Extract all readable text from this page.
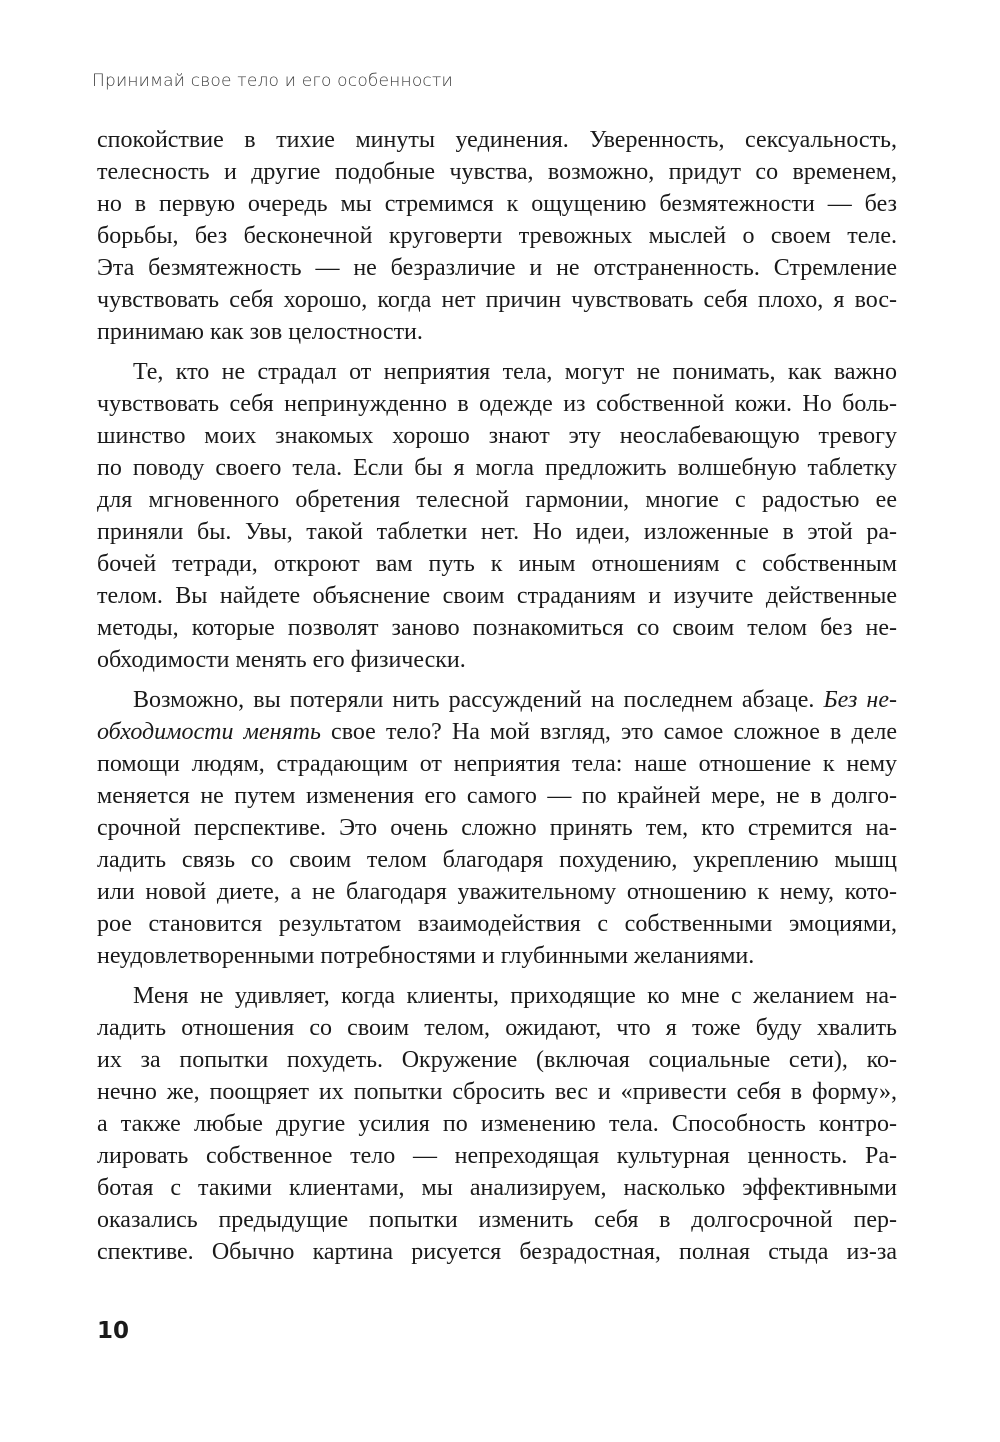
Принимай свое тело и его особенности
спокойствие в тихие минуты уединения. Уверенность, сексуальность,
телесность и другие подобные чувства, возможно, придут со временем,
но в первую очередь мы стремимся к ощущению безмятежности — без
борьбы, без бесконечной круговерти тревожных мыслей о своем теле.
Эта безмятежность — не безразличие и не отстраненность. Стремление
чувствовать себя хорошо, когда нет причин чувствовать себя плохо, я вос-
принимаю как зов целостности.
Те, кто не страдал от неприятия тела, могут не понимать, как важно
чувствовать себя непринужденно в одежде из собственной кожи. Но боль-
шинство моих знакомых хорошо знают эту неослабевающую тревогу
по поводу своего тела. Если бы я могла предложить волшебную таблетку
для мгновенного обретения телесной гармонии, многие с радостью ее
приняли бы. Увы, такой таблетки нет. Но идеи, изложенные в этой ра-
бочей тетради, откроют вам путь к иным отношениям с собственным
телом. Вы найдете объяснение своим страданиям и изучите действенные
методы, которые позволят заново познакомиться со своим телом без не-
обходимости менять его физически.
Возможно, вы потеряли нить рассуждений на последнем абзаце. Без не-
обходимости менять свое тело? На мой взгляд, это самое сложное в деле
помощи людям, страдающим от неприятия тела: наше отношение к нему
меняется не путем изменения его самого — по крайней мере, не в долго-
срочной перспективе. Это очень сложно принять тем, кто стремится на-
ладить связь со своим телом благодаря похудению, укреплению мышц
или новой диете, а не благодаря уважительному отношению к нему, кото-
рое становится результатом взаимодействия с собственными эмоциями,
неудовлетворенными потребностями и глубинными желаниями.
Меня не удивляет, когда клиенты, приходящие ко мне с желанием на-
ладить отношения со своим телом, ожидают, что я тоже буду хвалить
их за попытки похудеть. Окружение (включая социальные сети), ко-
нечно же, поощряет их попытки сбросить вес и «привести себя в форму»,
а также любые другие усилия по изменению тела. Способность контро-
лировать собственное тело — непреходящая культурная ценность. Ра-
ботая с такими клиентами, мы анализируем, насколько эффективными
оказались предыдущие попытки изменить себя в долгосрочной пер-
спективе. Обычно картина рисуется безрадостная, полная стыда из-за
10
